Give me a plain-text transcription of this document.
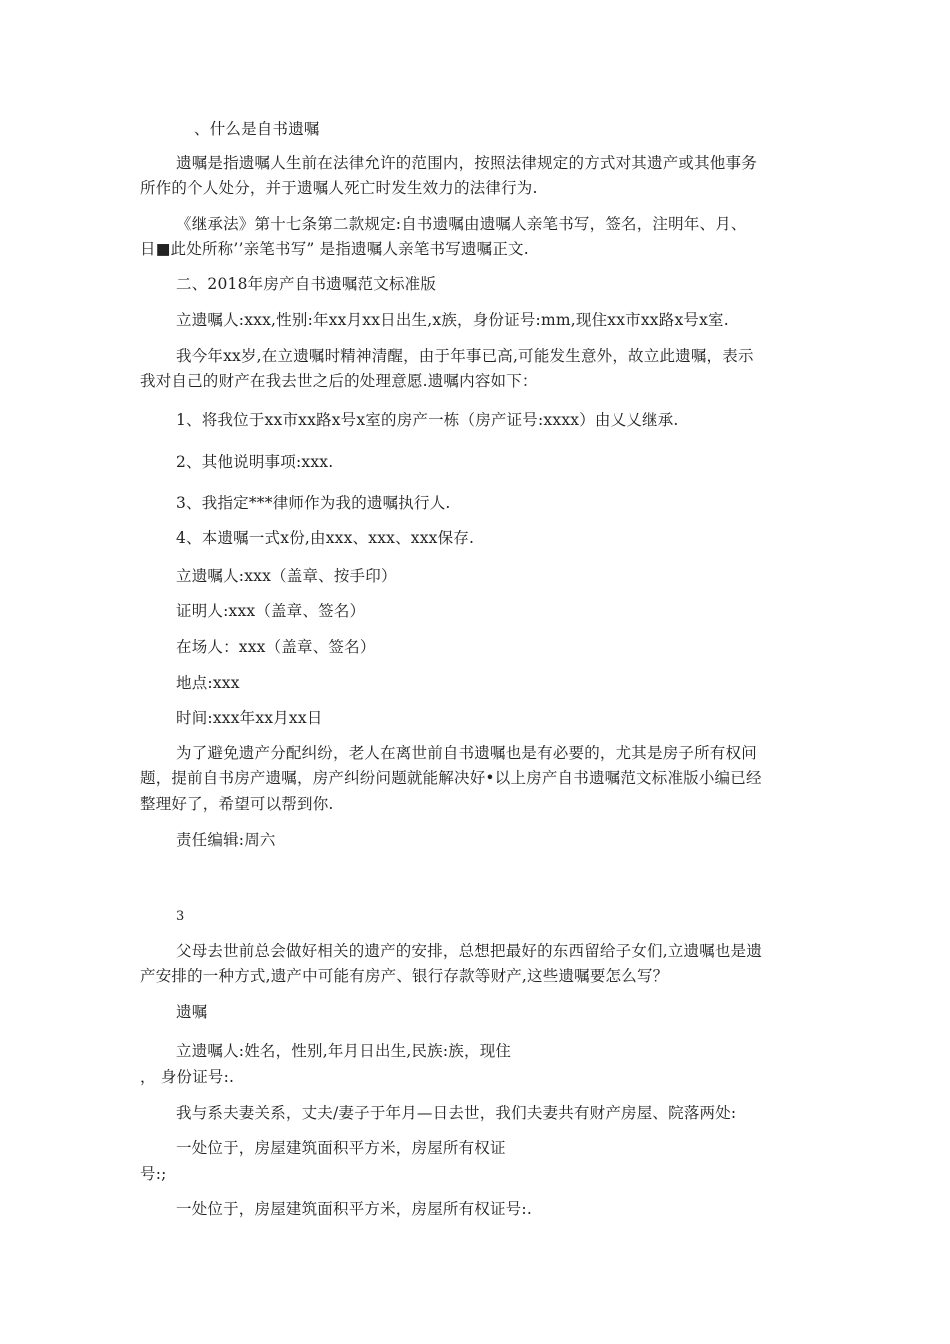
、什么是自书遗嘱
遗嘱是指遗嘱人生前在法律允许的范围内，按照法律规定的方式对其遗产或其他事务
所作的个人处分，并于遗嘱人死亡时发生效力的法律行为.
《继承法》第十七条第二款规定:自书遗嘱由遗嘱人亲笔书写，签名，注明年、月、
日■此处所称’’亲笔书写” 是指遗嘱人亲笔书写遗嘱正文.
二、2018年房产自书遗嘱范文标准版
立遗嘱人:xxx,性别:年xx月xx日出生,x族，身份证号:mm,现住xx市xx路x号x室.
我今年xx岁,在立遗嘱时精神清醒，由于年事已高,可能发生意外，故立此遗嘱，表示
我对自己的财产在我去世之后的处理意愿.遗嘱内容如下：
1、将我位于xx市xx路x号x室的房产一栋（房产证号:xxxx）由乂乂继承.
2、其他说明事项:xxx.
3、我指定***律师作为我的遗嘱执行人.
4、本遗嘱一式x份,由xxx、xxx、xxx保存.
立遗嘱人:xxx（盖章、按手印）
证明人:xxx（盖章、签名）
在场人：xxx（盖章、签名）
地点:xxx
时间:xxx年xx月xx日
为了避免遗产分配纠纷，老人在离世前自书遗嘱也是有必要的，尤其是房子所有权问
题，提前自书房产遗嘱，房产纠纷问题就能解决好•以上房产自书遗嘱范文标准版小编已经
整理好了，希望可以帮到你.
责任编辑:周六
3
父母去世前总会做好相关的遗产的安排，总想把最好的东西留给子女们,立遗嘱也是遗
产安排的一种方式,遗产中可能有房产、银行存款等财产,这些遗嘱要怎么写？
遗嘱
立遗嘱人:姓名，性别,年月日出生,民族:族，现住
， 身份证号:.
我与系夫妻关系，丈夫/妻子于年月—日去世，我们夫妻共有财产房屋、院落两处:
一处位于，房屋建筑面积平方米，房屋所有权证
号:;
一处位于，房屋建筑面积平方米，房屋所有权证号:.
